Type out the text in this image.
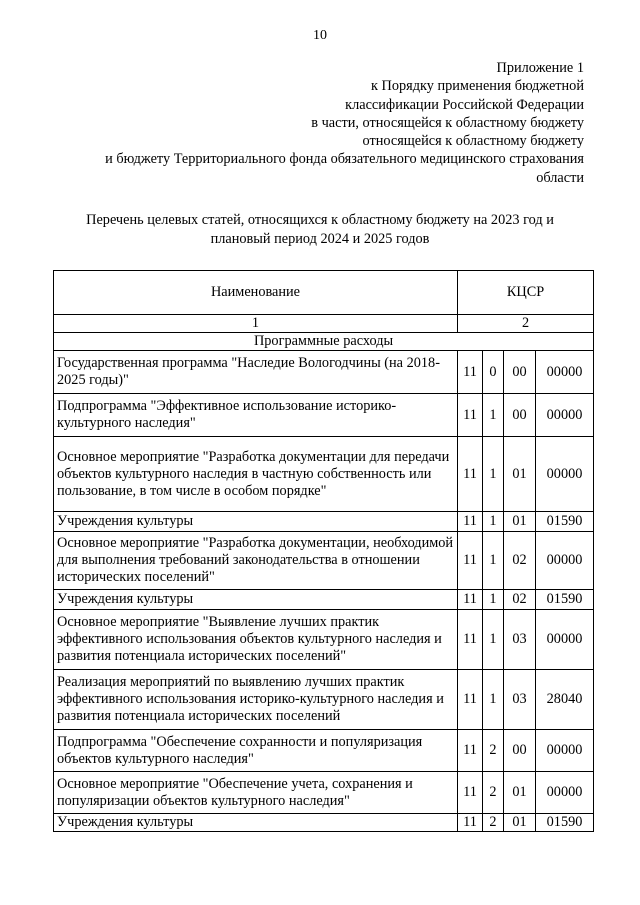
10
Приложение 1
к Порядку применения бюджетной
классификации Российской Федерации
в части, относящейся к областному бюджету
относящейся к областному бюджету
и бюджету Территориального фонда обязательного медицинского страхования
области
Перечень целевых статей, относящихся к областному бюджету на 2023 год и
плановый период 2024 и 2025 годов
Наименование	КЦСР			
1	2			
Программные расходы				
Государственная программа "Наследие Вологодчины (на 2018-2025 годы)"	11	0	00	00000
Подпрограмма "Эффективное использование историко-культурного наследия"	11	1	00	00000
Основное мероприятие "Разработка документации для передачи объектов культурного наследия в частную собственность или пользование, в том числе в особом порядке"	11	1	01	00000
Учреждения культуры	11	1	01	01590
Основное мероприятие "Разработка документации, необходимой для выполнения требований законодательства в отношении исторических поселений"	11	1	02	00000
Учреждения культуры	11	1	02	01590
Основное мероприятие "Выявление лучших практик эффективного использования объектов культурного наследия и развития потенциала исторических поселений"	11	1	03	00000
Реализация мероприятий по выявлению лучших практик эффективного использования историко-культурного наследия и развития потенциала исторических поселений	11	1	03	28040
Подпрограмма "Обеспечение сохранности и популяризация объектов культурного наследия"	11	2	00	00000
Основное мероприятие "Обеспечение учета, сохранения и популяризации объектов культурного наследия"	11	2	01	00000
Учреждения культуры	11	2	01	01590
